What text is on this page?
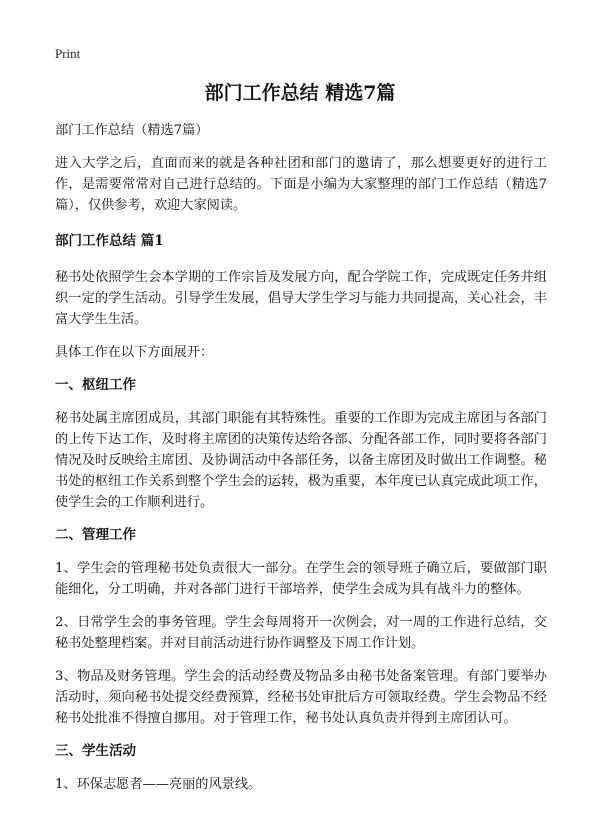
Print
部门工作总结 精选7篇

部门工作总结（精选7篇）

进入大学之后，直面而来的就是各种社团和部门的邀请了，那么想要更好的进行工作，是需要常常对自己进行总结的。下面是小编为大家整理的部门工作总结（精选7篇），仅供参考，欢迎大家阅读。

部门工作总结 篇1

秘书处依照学生会本学期的工作宗旨及发展方向，配合学院工作，完成既定任务并组织一定的学生活动。引导学生发展，倡导大学生学习与能力共同提高，关心社会，丰富大学生生活。

具体工作在以下方面展开：

一、枢纽工作

秘书处属主席团成员，其部门职能有其特殊性。重要的工作即为完成主席团与各部门的上传下达工作，及时将主席团的决策传达给各部、分配各部工作，同时要将各部门情况及时反映给主席团、及协调活动中各部任务，以备主席团及时做出工作调整。秘书处的枢纽工作关系到整个学生会的运转，极为重要，本年度已认真完成此项工作，使学生会的工作顺利进行。

二、管理工作

1、学生会的管理秘书处负责很大一部分。在学生会的领导班子确立后，要做部门职能细化，分工明确，并对各部门进行干部培养，使学生会成为具有战斗力的整体。

2、日常学生会的事务管理。学生会每周将开一次例会，对一周的工作进行总结，交秘书处整理档案。并对目前活动进行协作调整及下周工作计划。

3、物品及财务管理。学生会的活动经费及物品多由秘书处备案管理。有部门要举办活动时，须向秘书处提交经费预算，经秘书处审批后方可领取经费。学生会物品不经秘书处批准不得擅自挪用。对于管理工作，秘书处认真负责并得到主席团认可。

三、学生活动

1、环保志愿者——亮丽的风景线。
